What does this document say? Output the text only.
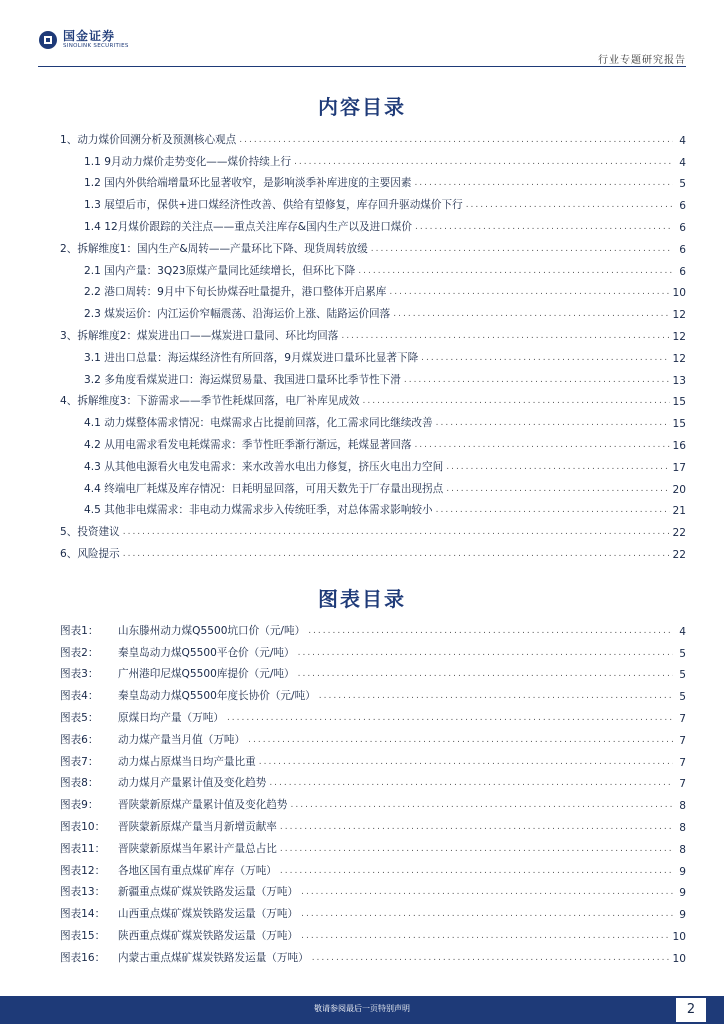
国金证券
SINOLINK SECURITIES
行业专题研究报告
内容目录
1、动力煤价回溯分析及预测核心观点 .....	4
1.1 9月动力煤价走势变化——煤价持续上行 .....	4
1.2 国内外供给端增量环比显著收窄，是影响淡季补库进度的主要因素 .....	5
1.3 展望后市，保供+进口煤经济性改善、供给有望修复，库存回升驱动煤价下行 .....	6
1.4 12月煤价跟踪的关注点——重点关注库存&国内生产以及进口煤价 .....	6
2、拆解维度1：国内生产&周转——产量环比下降、现货周转放缓 .....	6
2.1 国内产量：3Q23原煤产量同比延续增长，但环比下降 .....	6
2.2 港口周转：9月中下旬长协煤吞吐量提升，港口整体开启累库 .....	10
2.3 煤炭运价：内江运价窄幅震荡、沿海运价上涨、陆路运价回落 .....	12
3、拆解维度2：煤炭进出口——煤炭进口量同、环比均回落 .....	12
3.1 进出口总量：海运煤经济性有所回落，9月煤炭进口量环比显著下降 .....	12
3.2 多角度看煤炭进口：海运煤贸易量、我国进口量环比季节性下滑 .....	13
4、拆解维度3：下游需求——季节性耗煤回落，电厂补库见成效 .....	15
4.1 动力煤整体需求情况：电煤需求占比提前回落，化工需求同比继续改善 .....	15
4.2 从用电需求看发电耗煤需求：季节性旺季渐行渐远，耗煤显著回落 .....	16
4.3 从其他电源看火电发电需求：来水改善水电出力修复，挤压火电出力空间 .....	17
4.4 终端电厂耗煤及库存情况：日耗明显回落，可用天数先于厂存量出现拐点 .....	20
4.5 其他非电煤需求：非电动力煤需求步入传统旺季，对总体需求影响较小 .....	21
5、投资建议 .....	22
6、风险提示 .....	22
图表目录
图表1： 山东滕州动力煤Q5500坑口价（元/吨） .....	4
图表2： 秦皇岛动力煤Q5500平仓价（元/吨） .....	5
图表3： 广州港印尼煤Q5500库提价（元/吨） .....	5
图表4： 秦皇岛动力煤Q5500年度长协价（元/吨） .....	5
图表5： 原煤日均产量（万吨） .....	7
图表6： 动力煤产量当月值（万吨） .....	7
图表7： 动力煤占原煤当日均产量比重 .....	7
图表8： 动力煤月产量累计值及变化趋势 .....	7
图表9： 晋陕蒙新原煤产量累计值及变化趋势 .....	8
图表10： 晋陕蒙新原煤产量当月新增贡献率 .....	8
图表11： 晋陕蒙新原煤当年累计产量总占比 .....	8
图表12： 各地区国有重点煤矿库存（万吨） .....	9
图表13： 新疆重点煤矿煤炭铁路发运量（万吨） .....	9
图表14： 山西重点煤矿煤炭铁路发运量（万吨） .....	9
图表15： 陕西重点煤矿煤炭铁路发运量（万吨） .....	10
图表16： 内蒙古重点煤矿煤炭铁路发运量（万吨） .....	10
敬请参阅最后一页特别声明	2
